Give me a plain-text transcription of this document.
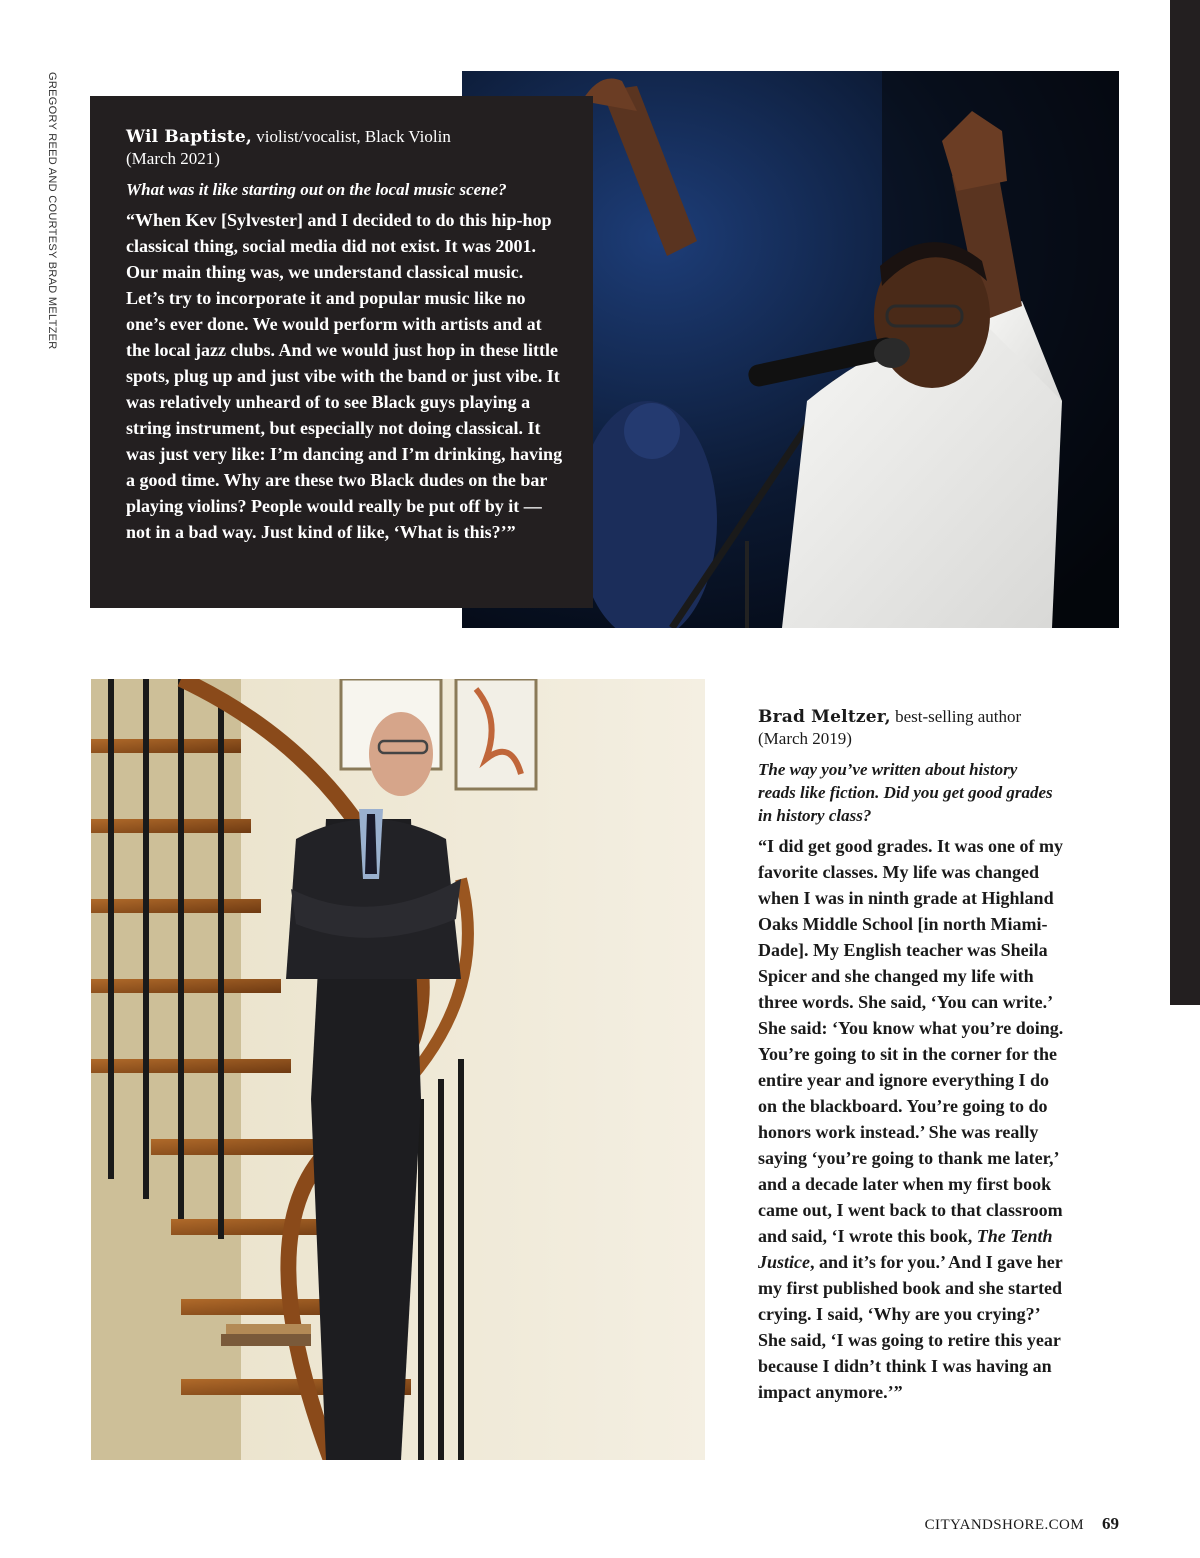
GREGORY REED AND COURTESY BRAD MELTZER	Wil Baptiste, violist/vocalist, Black Violin
(March 2021)
What was it like starting out on the local music scene?
“When Kev [Sylvester] and I decided to do this hip-hop classical thing, social media did not exist. It was 2001. Our main thing was, we understand classical music. Let’s try to incorporate it and popular music like no one’s ever done. We would perform with artists and at the local jazz clubs. And we would just hop in these little spots, plug up and just vibe with the band or just vibe. It was relatively unheard of to see Black guys playing a string instrument, but especially not doing classical. It was just very like: I’m dancing and I’m drinking, having a good time. Why are these two Black dudes on the bar playing violins? People would really be put off by it — not in a bad way. Just kind of like, ‘What is this?’”
Brad Meltzer, best-selling author
(March 2019)
The way you’ve written about history reads like fiction. Did you get good grades in history class?
“I did get good grades. It was one of my favorite classes. My life was changed when I was in ninth grade at Highland Oaks Middle School [in north Miami-Dade]. My English teacher was Sheila Spicer and she changed my life with three words. She said, ‘You can write.’ She said: ‘You know what you’re doing. You’re going to sit in the corner for the entire year and ignore everything I do on the blackboard. You’re going to do honors work instead.’ She was really saying ‘you’re going to thank me later,’ and a decade later when my first book came out, I went back to that classroom and said, ‘I wrote this book, The Tenth Justice, and it’s for you.’ And I gave her my first published book and she started crying. I said, ‘Why are you crying?’ She said, ‘I was going to retire this year because I didn’t think I was having an impact anymore.’”
CITYANDSHORE.COM 69
